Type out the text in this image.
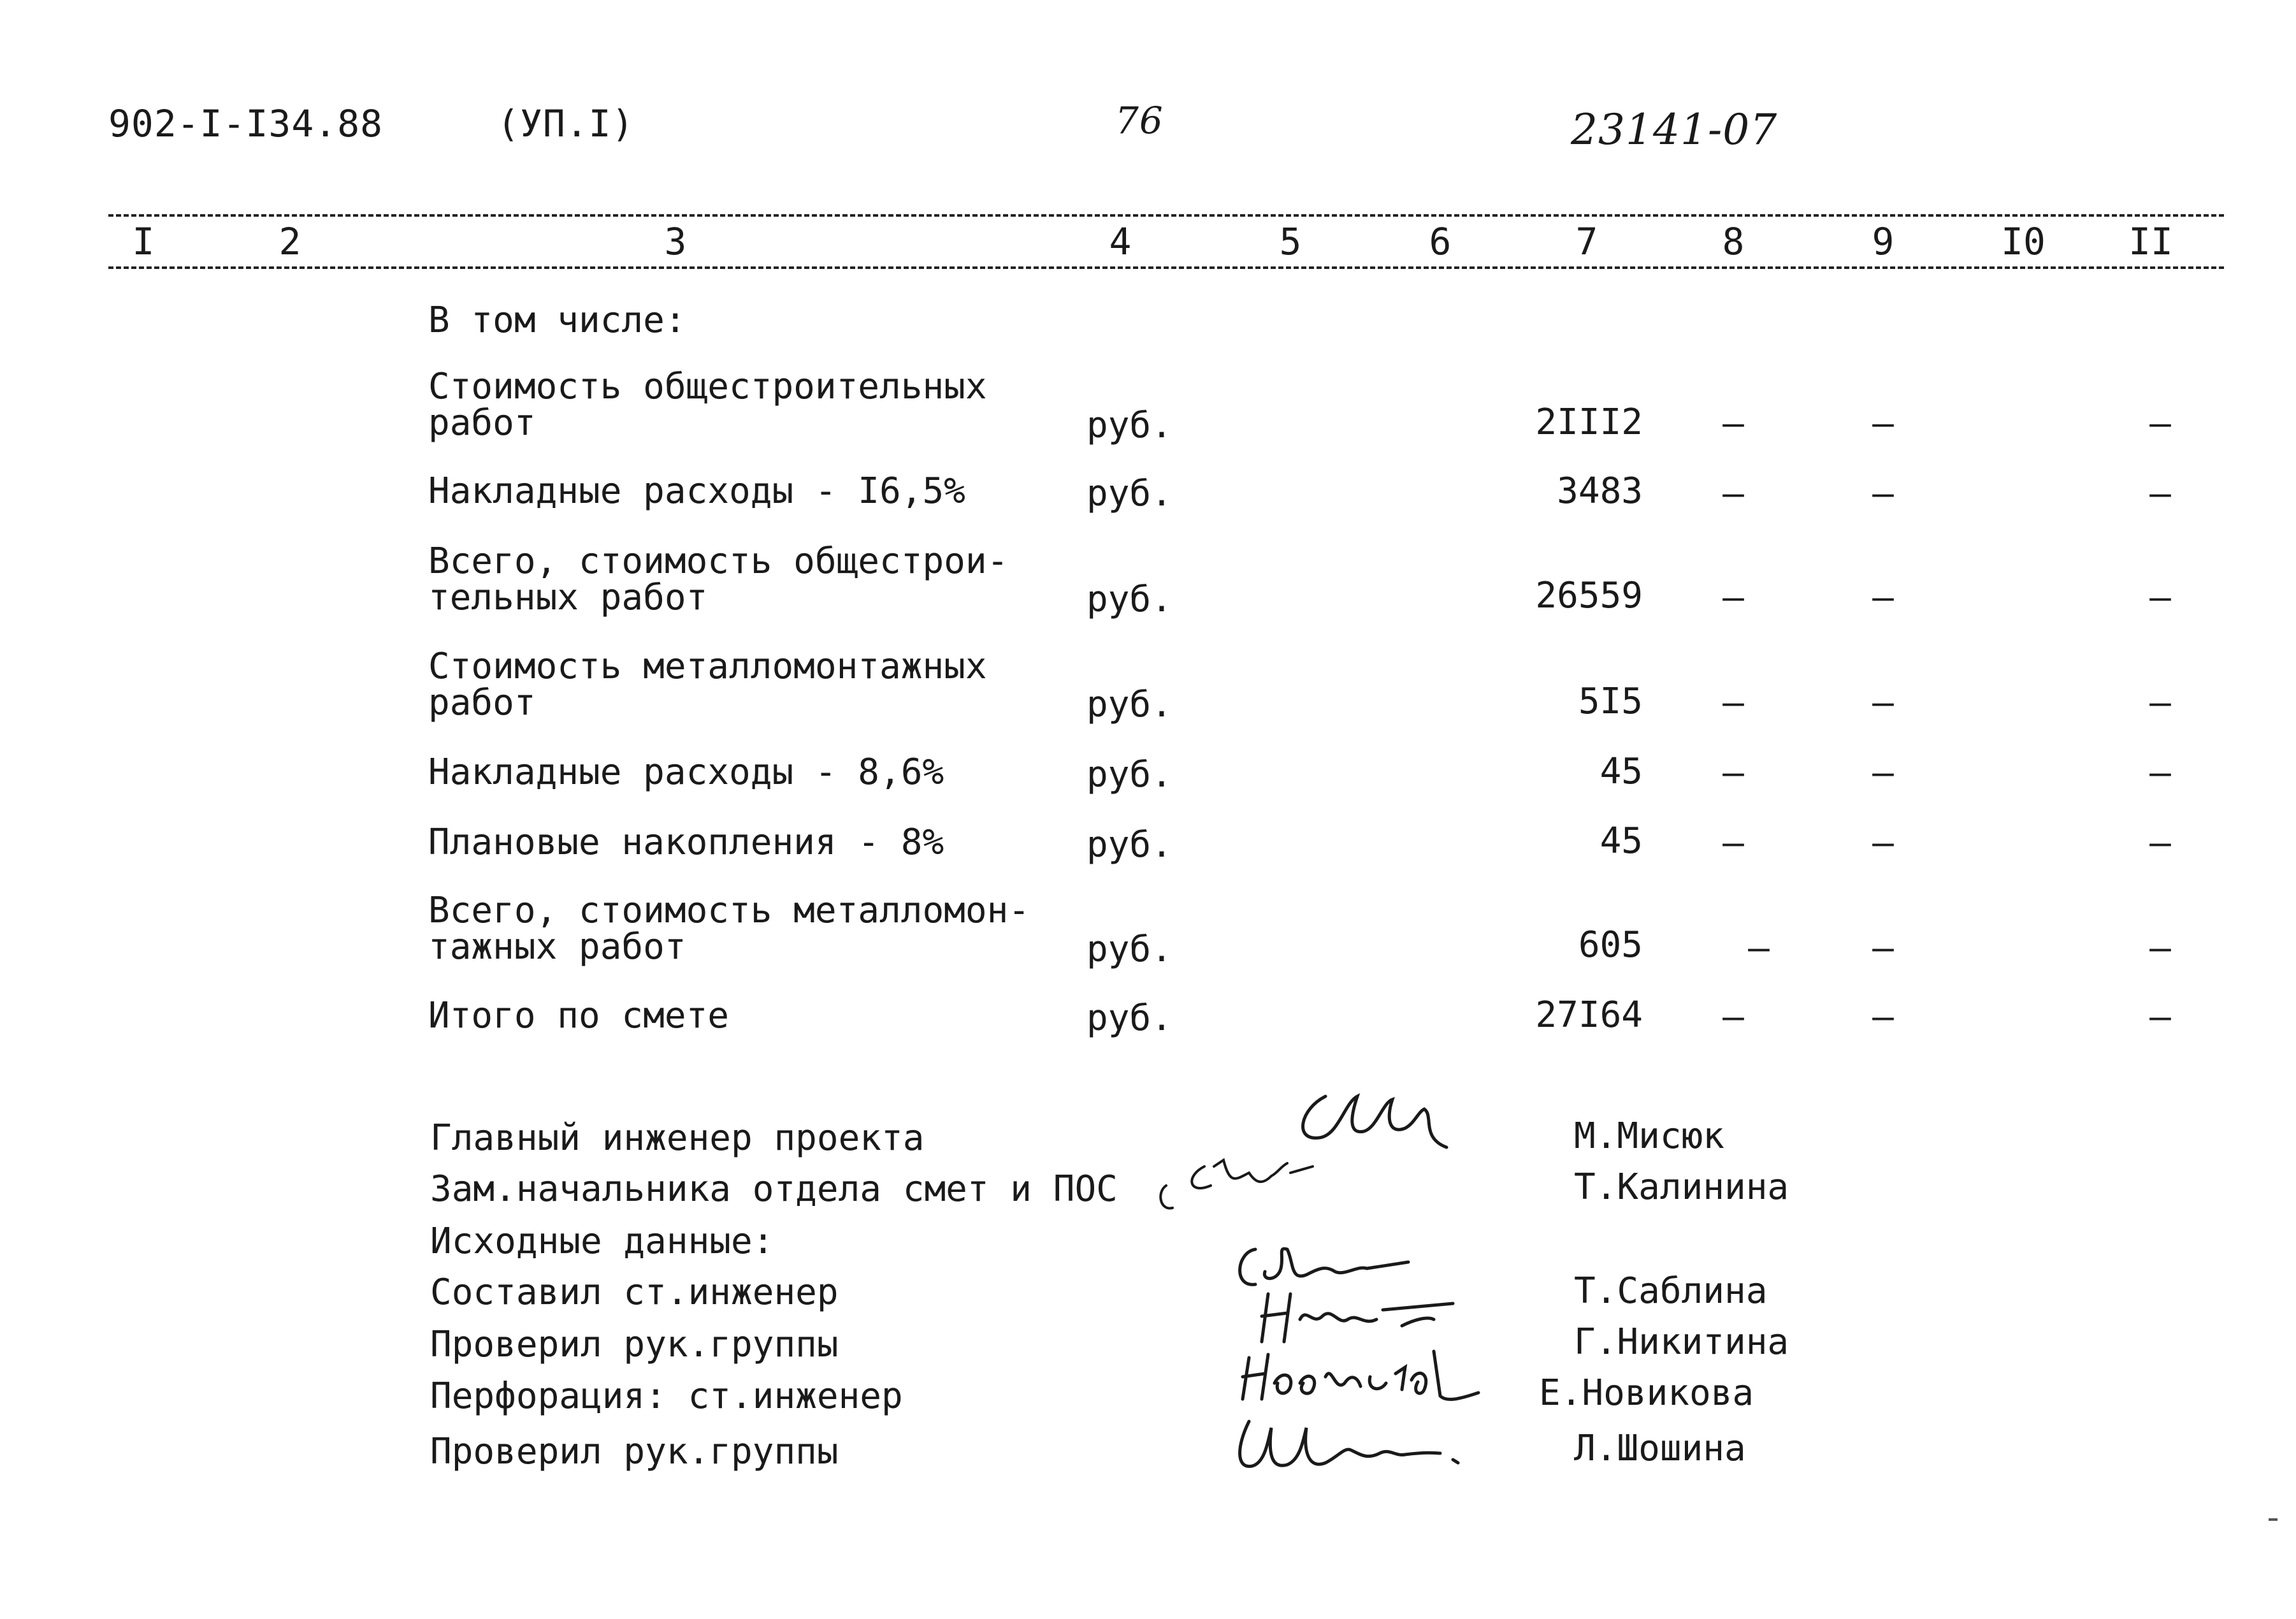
902-I-I34.88	(УП.I)	76	23141-07
I	2	3	4	5	6	7	8	9	I0 II
В том числе:
Стоимость общестроительных
работ	руб.	2III2 –	–	–
Накладные расходы - I6,5%	руб.	3483 –	–	–
Всего, стоимость общестрои-
тельных работ	руб.	26559 –	–	–
Стоимость металломонтажных
работ	руб.	5I5 –	–	–
Накладные расходы - 8,6%	руб.	45 –	–	–
Плановые накопления - 8%	руб.	45 –	–	–
Всего, стоимость металломон-
тажных работ	руб.	605	–	–	–
Итого по смете	руб.	27I64 –	–	–
Главный инженер проекта	М.Мисюк
Зам.начальника отдела смет и ПОС	Т.Калинина
Исходные данные:
Составил ст.инженер	Т.Саблина
Проверил рук.группы	Г.Никитина
Перфорация: ст.инженер	Е.Новикова
Проверил рук.группы	Л.Шошина
